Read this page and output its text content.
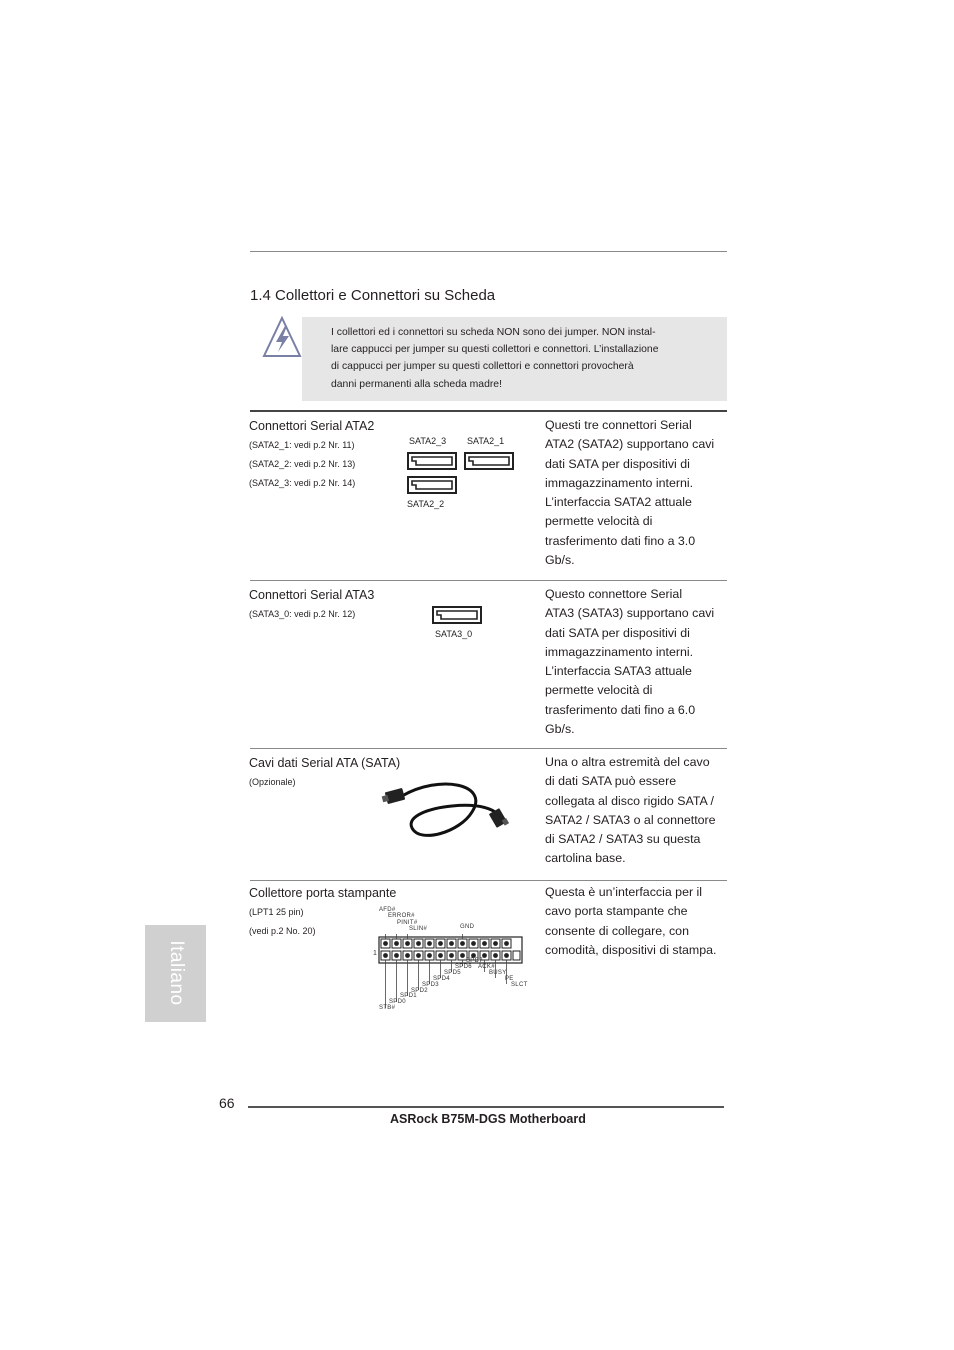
1.4 Collettori e Connettori su Scheda
I collettori ed i connettori su scheda NON sono dei jumper. NON instal-
lare cappucci per jumper su questi collettori e connettori. L’installazione
di cappucci per jumper su questi collettori e connettori provocherà
danni permanenti alla scheda madre!
Connettori Serial ATA2
(SATA2_1: vedi p.2 Nr. 11)
(SATA2_2: vedi p.2 Nr. 13)
(SATA2_3: vedi p.2 Nr. 14)
SATA2_3 SATA2_1
SATA2_2
Questi tre connettori Serial
ATA2 (SATA2) supportano cavi
dati SATA per dispositivi di
immagazzinamento interni.
L’interfaccia SATA2 attuale
permette velocità di
trasferimento dati fino a 3.0
Gb/s.
Connettori Serial ATA3
(SATA3_0: vedi p.2 Nr. 12)
SATA3_0
Questo connettore Serial
ATA3 (SATA3) supportano cavi
dati SATA per dispositivi di
immagazzinamento interni.
L’interfaccia SATA3 attuale
permette velocità di
trasferimento dati fino a 6.0
Gb/s.
Cavi dati Serial ATA (SATA)
(Opzionale)
Una o altra estremità del cavo
di dati SATA può essere
collegata al disco rigido SATA /
SATA2 / SATA3 o al connettore
di SATA2 / SATA3 su questa
cartolina base.
Collettore porta stampante
(LPT1 25 pin)
(vedi p.2 No. 20)
1
AFD#
ERROR#
PINIT#
SLIN#	GND
SPD7
SPD6
SPD5
SPD4
SPD3
SPD2
SPD1
SPD0
STB#
ACK#
BUSY
PE
SLCT
Questa è un’interfaccia per il
cavo porta stampante che
consente di collegare, con
comodità, dispositivi di stampa.
Italiano
66
ASRock B75M-DGS Motherboard
